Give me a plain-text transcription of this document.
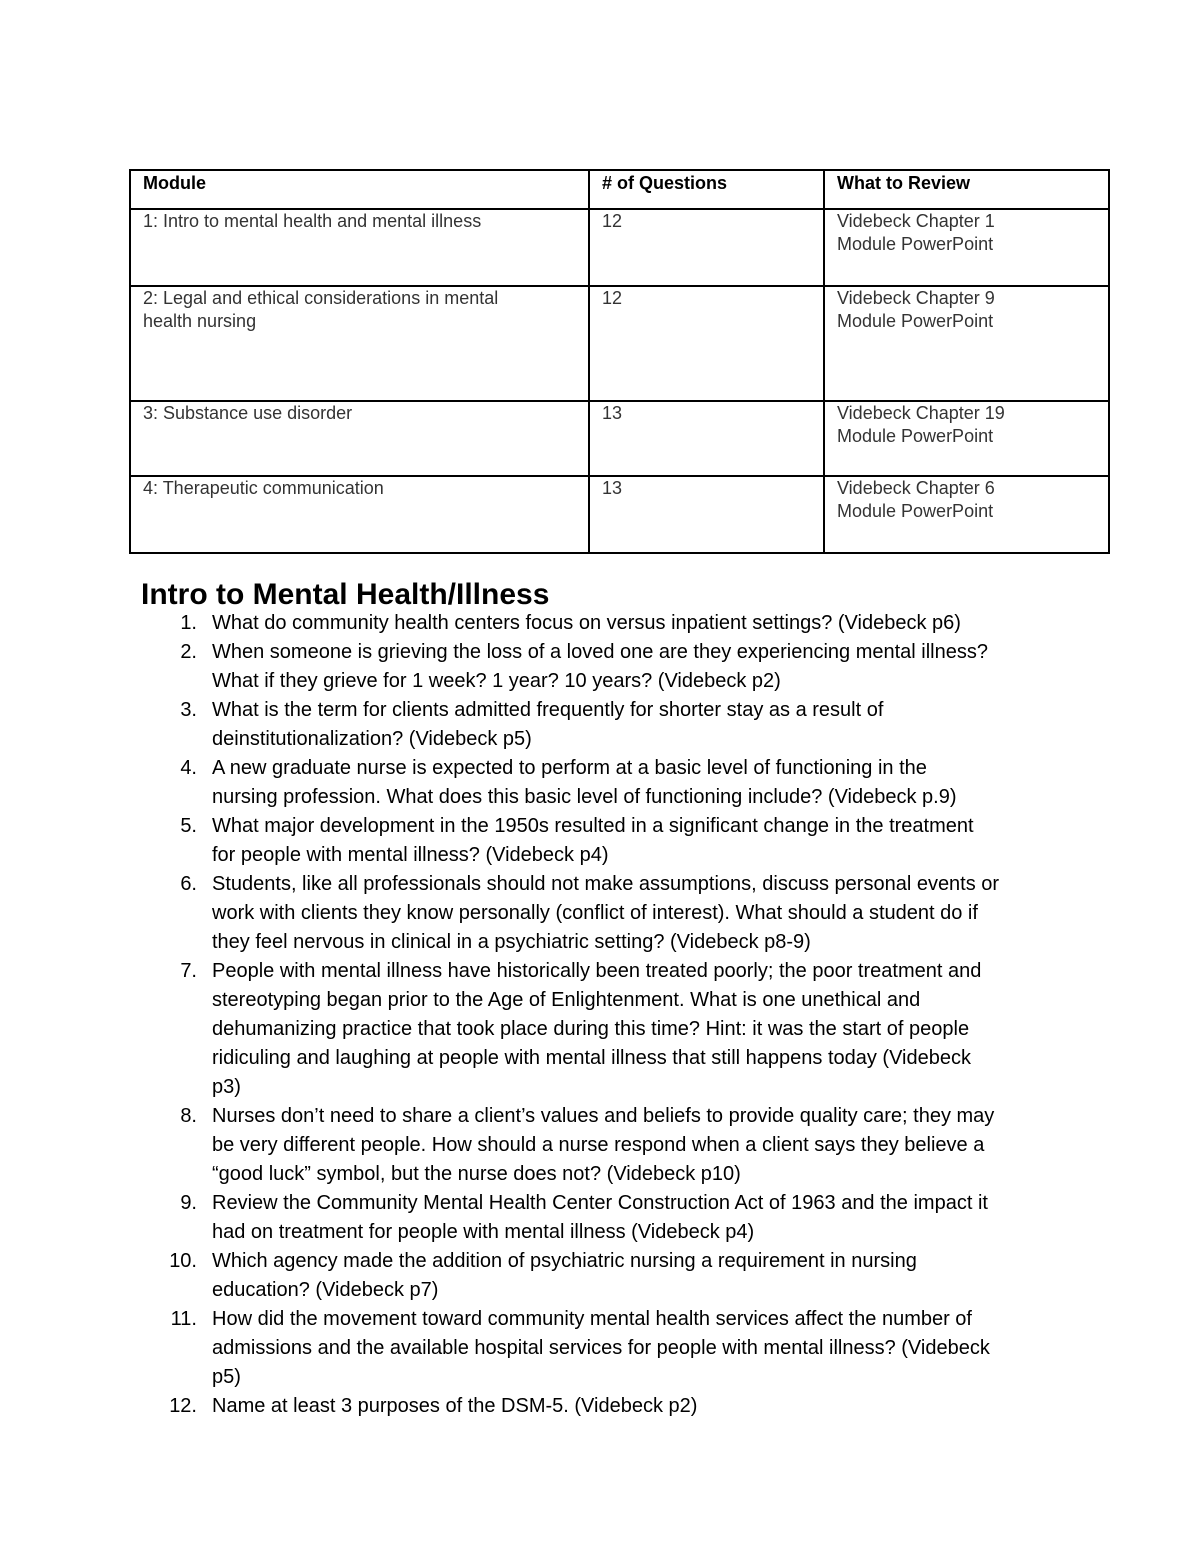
Module	# of Questions	What to Review

1: Intro to mental health and mental illness	12	Videbeck Chapter 1
Module PowerPoint

2: Legal and ethical considerations in mental
health nursing	12	Videbeck Chapter 9
Module PowerPoint

3: Substance use disorder	13	Videbeck Chapter 19
Module PowerPoint

4: Therapeutic communication	13	Videbeck Chapter 6
Module PowerPoint
Intro to Mental Health/Illness
1. What do community health centers focus on versus inpatient settings? (Videbeck p6)
2. When someone is grieving the loss of a loved one are they experiencing mental illness?
What if they grieve for 1 week? 1 year? 10 years? (Videbeck p2)
3. What is the term for clients admitted frequently for shorter stay as a result of
deinstitutionalization? (Videbeck p5)
4. A new graduate nurse is expected to perform at a basic level of functioning in the
nursing profession. What does this basic level of functioning include? (Videbeck p.9)
5. What major development in the 1950s resulted in a significant change in the treatment
for people with mental illness? (Videbeck p4)
6. Students, like all professionals should not make assumptions, discuss personal events or
work with clients they know personally (conflict of interest). What should a student do if
they feel nervous in clinical in a psychiatric setting? (Videbeck p8-9)
7. People with mental illness have historically been treated poorly; the poor treatment and
stereotyping began prior to the Age of Enlightenment. What is one unethical and
dehumanizing practice that took place during this time? Hint: it was the start of people
ridiculing and laughing at people with mental illness that still happens today (Videbeck
p3)
8. Nurses don’t need to share a client’s values and beliefs to provide quality care; they may
be very different people. How should a nurse respond when a client says they believe a
“good luck” symbol, but the nurse does not? (Videbeck p10)
9. Review the Community Mental Health Center Construction Act of 1963 and the impact it
had on treatment for people with mental illness (Videbeck p4)
10. Which agency made the addition of psychiatric nursing a requirement in nursing
education? (Videbeck p7)
11. How did the movement toward community mental health services affect the number of
admissions and the available hospital services for people with mental illness? (Videbeck
p5)
12. Name at least 3 purposes of the DSM-5. (Videbeck p2)
